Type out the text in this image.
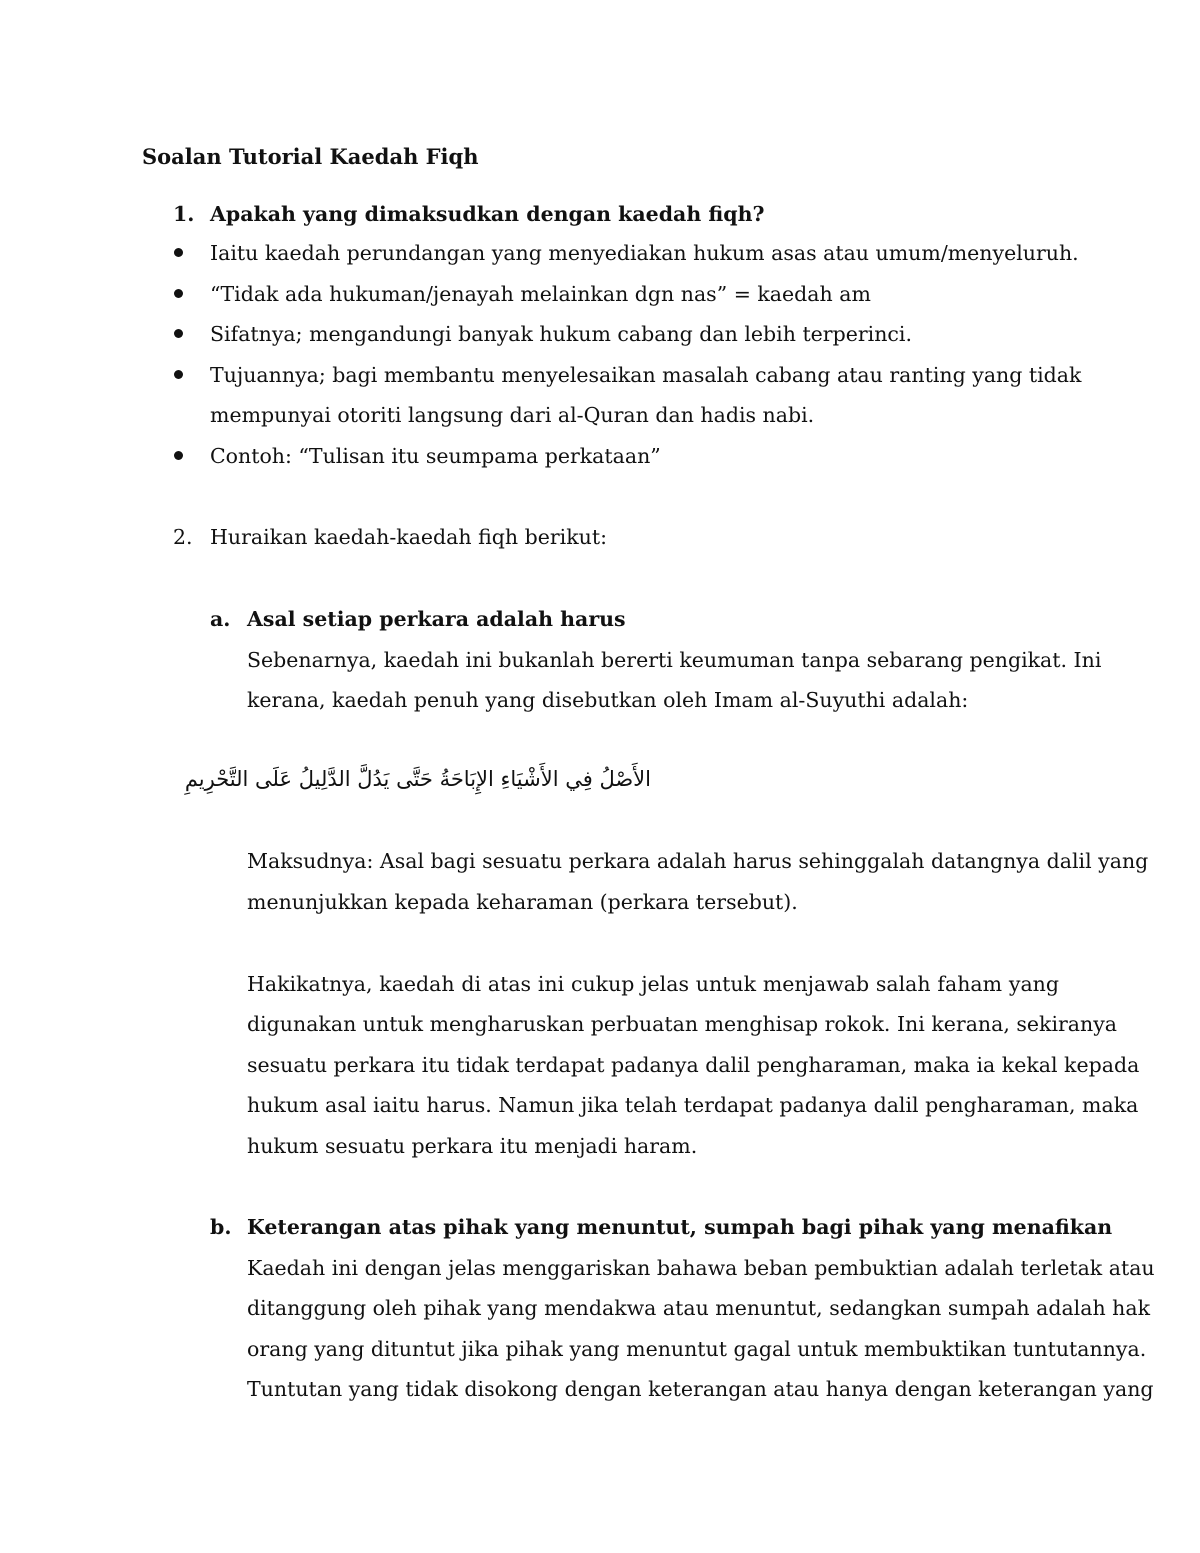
Soalan Tutorial Kaedah Fiqh
1. Apakah yang dimaksudkan dengan kaedah fiqh?
Iaitu kaedah perundangan yang menyediakan hukum asas atau umum/menyeluruh.
“Tidak ada hukuman/jenayah melainkan dgn nas” = kaedah am
Sifatnya; mengandungi banyak hukum cabang dan lebih terperinci.
Tujuannya; bagi membantu menyelesaikan masalah cabang atau ranting yang tidak
mempunyai otoriti langsung dari al-Quran dan hadis nabi.
Contoh: “Tulisan itu seumpama perkataan”
2. Huraikan kaedah-kaedah fiqh berikut:
a. Asal setiap perkara adalah harus
Sebenarnya, kaedah ini bukanlah bererti keumuman tanpa sebarang pengikat. Ini
kerana, kaedah penuh yang disebutkan oleh Imam al-Suyuthi adalah:
الأَصْلُ فِي الأَشْيَاءِ الإِبَاحَةُ حَتَّى يَدُلَّ الدَّلِيلُ عَلَى التَّحْرِيمِ
Maksudnya: Asal bagi sesuatu perkara adalah harus sehinggalah datangnya dalil yang
menunjukkan kepada keharaman (perkara tersebut).
Hakikatnya, kaedah di atas ini cukup jelas untuk menjawab salah faham yang
digunakan untuk mengharuskan perbuatan menghisap rokok. Ini kerana, sekiranya
sesuatu perkara itu tidak terdapat padanya dalil pengharaman, maka ia kekal kepada
hukum asal iaitu harus. Namun jika telah terdapat padanya dalil pengharaman, maka
hukum sesuatu perkara itu menjadi haram.
b. Keterangan atas pihak yang menuntut, sumpah bagi pihak yang menafikan
Kaedah ini dengan jelas menggariskan bahawa beban pembuktian adalah terletak atau
ditanggung oleh pihak yang mendakwa atau menuntut, sedangkan sumpah adalah hak
orang yang dituntut jika pihak yang menuntut gagal untuk membuktikan tuntutannya.
Tuntutan yang tidak disokong dengan keterangan atau hanya dengan keterangan yang
